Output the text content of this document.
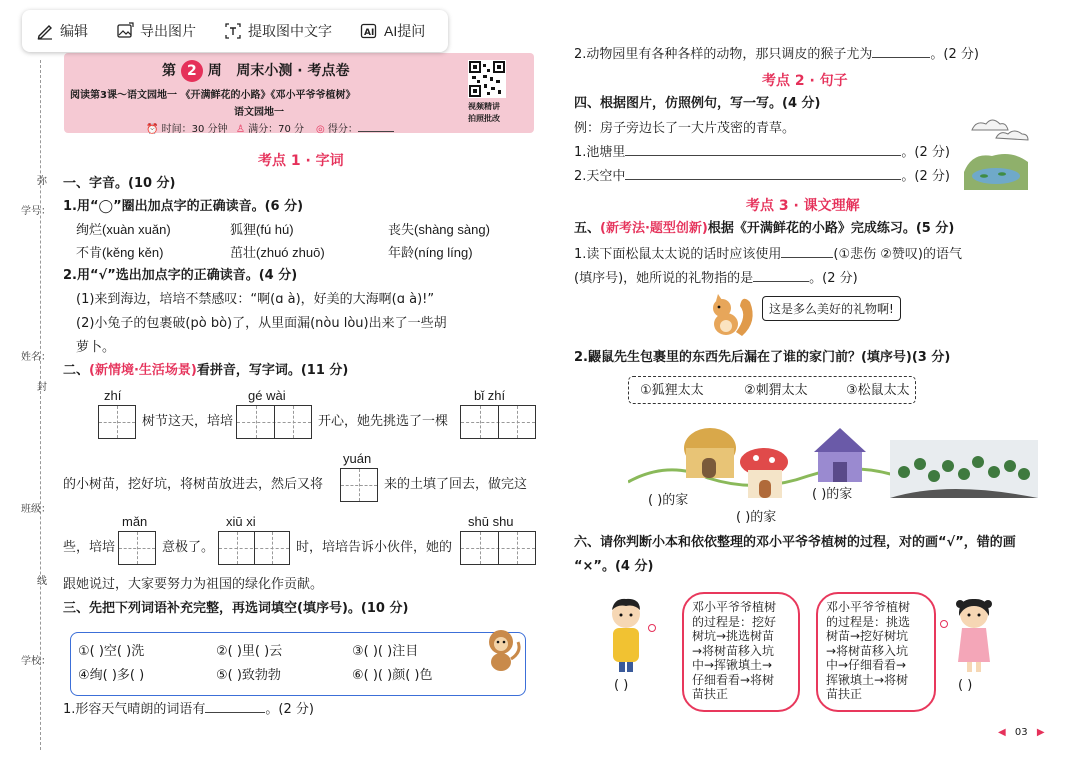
编辑	导出图片	提取图中文字	AI AI提问
学号：
弥
姓名：
封
班级：
线
学校：
第 2 周 周末小测 · 考点卷
阅读第3课～语文园地一 《开满鲜花的小路》《邓小平爷爷植树》
语文园地一
⏰ 时间：30 分钟 ♙ 满分：70 分 ◎ 得分：
视频精讲
拍照批改
考点 1 · 字词
一、字音。(10 分)
1.用“◯”圈出加点字的正确读音。(6 分)
绚烂(xuàn xuǎn)	狐狸(fú hú)	丧失(shàng sàng)
不肯(kěng kěn)	茁壮(zhuó zhuō)	年龄(níng líng)
2.用“√”选出加点字的正确读音。(4 分)
(1)来到海边，培培不禁感叹：“啊(ɑ à)，好美的大海啊(ɑ à)!”
(2)小兔子的包裹破(pò bò)了，从里面漏(nòu lòu)出来了一些胡
萝卜。
二、(新情境·生活场景)看拼音，写字词。(11 分)
zhí	gé wài	bǐ zhí
树节这天，培培	开心，她先挑选了一棵
yuán
的小树苗，挖好坑，将树苗放进去，然后又将	来的土填了回去，做完这
mǎn	xiū xi	shū shu
些，培培	意极了。	时，培培告诉小伙伴，她的
跟她说过，大家要努力为祖国的绿化作贡献。
三、先把下列词语补充完整，再选词填空(填序号)。(10 分)
①( )空( )洗	②( )里( )云	③( )( )注目
④绚( )多( )	⑤( )致勃勃	⑥( )( )颜( )色
1.形容天气晴朗的词语有	。(2 分)
2.动物园里有各种各样的动物，那只调皮的猴子尤为	。(2 分)
考点 2 · 句子
四、根据图片，仿照例句，写一写。(4 分)
例：房子旁边长了一大片茂密的青草。
1.池塘里	。(2 分)
2.天空中	。(2 分)
考点 3 · 课文理解
五、(新考法·题型创新)根据《开满鲜花的小路》完成练习。(5 分)
1.读下面松鼠太太说的话时应该使用	(①悲伤 ②赞叹)的语气
(填序号)，她所说的礼物指的是	。(2 分)
这是多么美好的礼物啊!
2.鼹鼠先生包裹里的东西先后漏在了谁的家门前？(填序号)(3 分)
①狐狸太太	②刺猬太太	③松鼠太太
( )的家
( )的家
( )的家
六、请你判断小本和依依整理的邓小平爷爷植树的过程，对的画“√”，错的画
“×”。(4 分)
( )
邓小平爷爷植树
的过程是：挖好
树坑→挑选树苗
→将树苗移入坑
中→挥锹填土→
仔细看看→将树
苗扶正
邓小平爷爷植树
的过程是：挑选
树苗→挖好树坑
→将树苗移入坑
中→仔细看看→
挥锹填土→将树
苗扶正
( )
◀ 03 ▶
